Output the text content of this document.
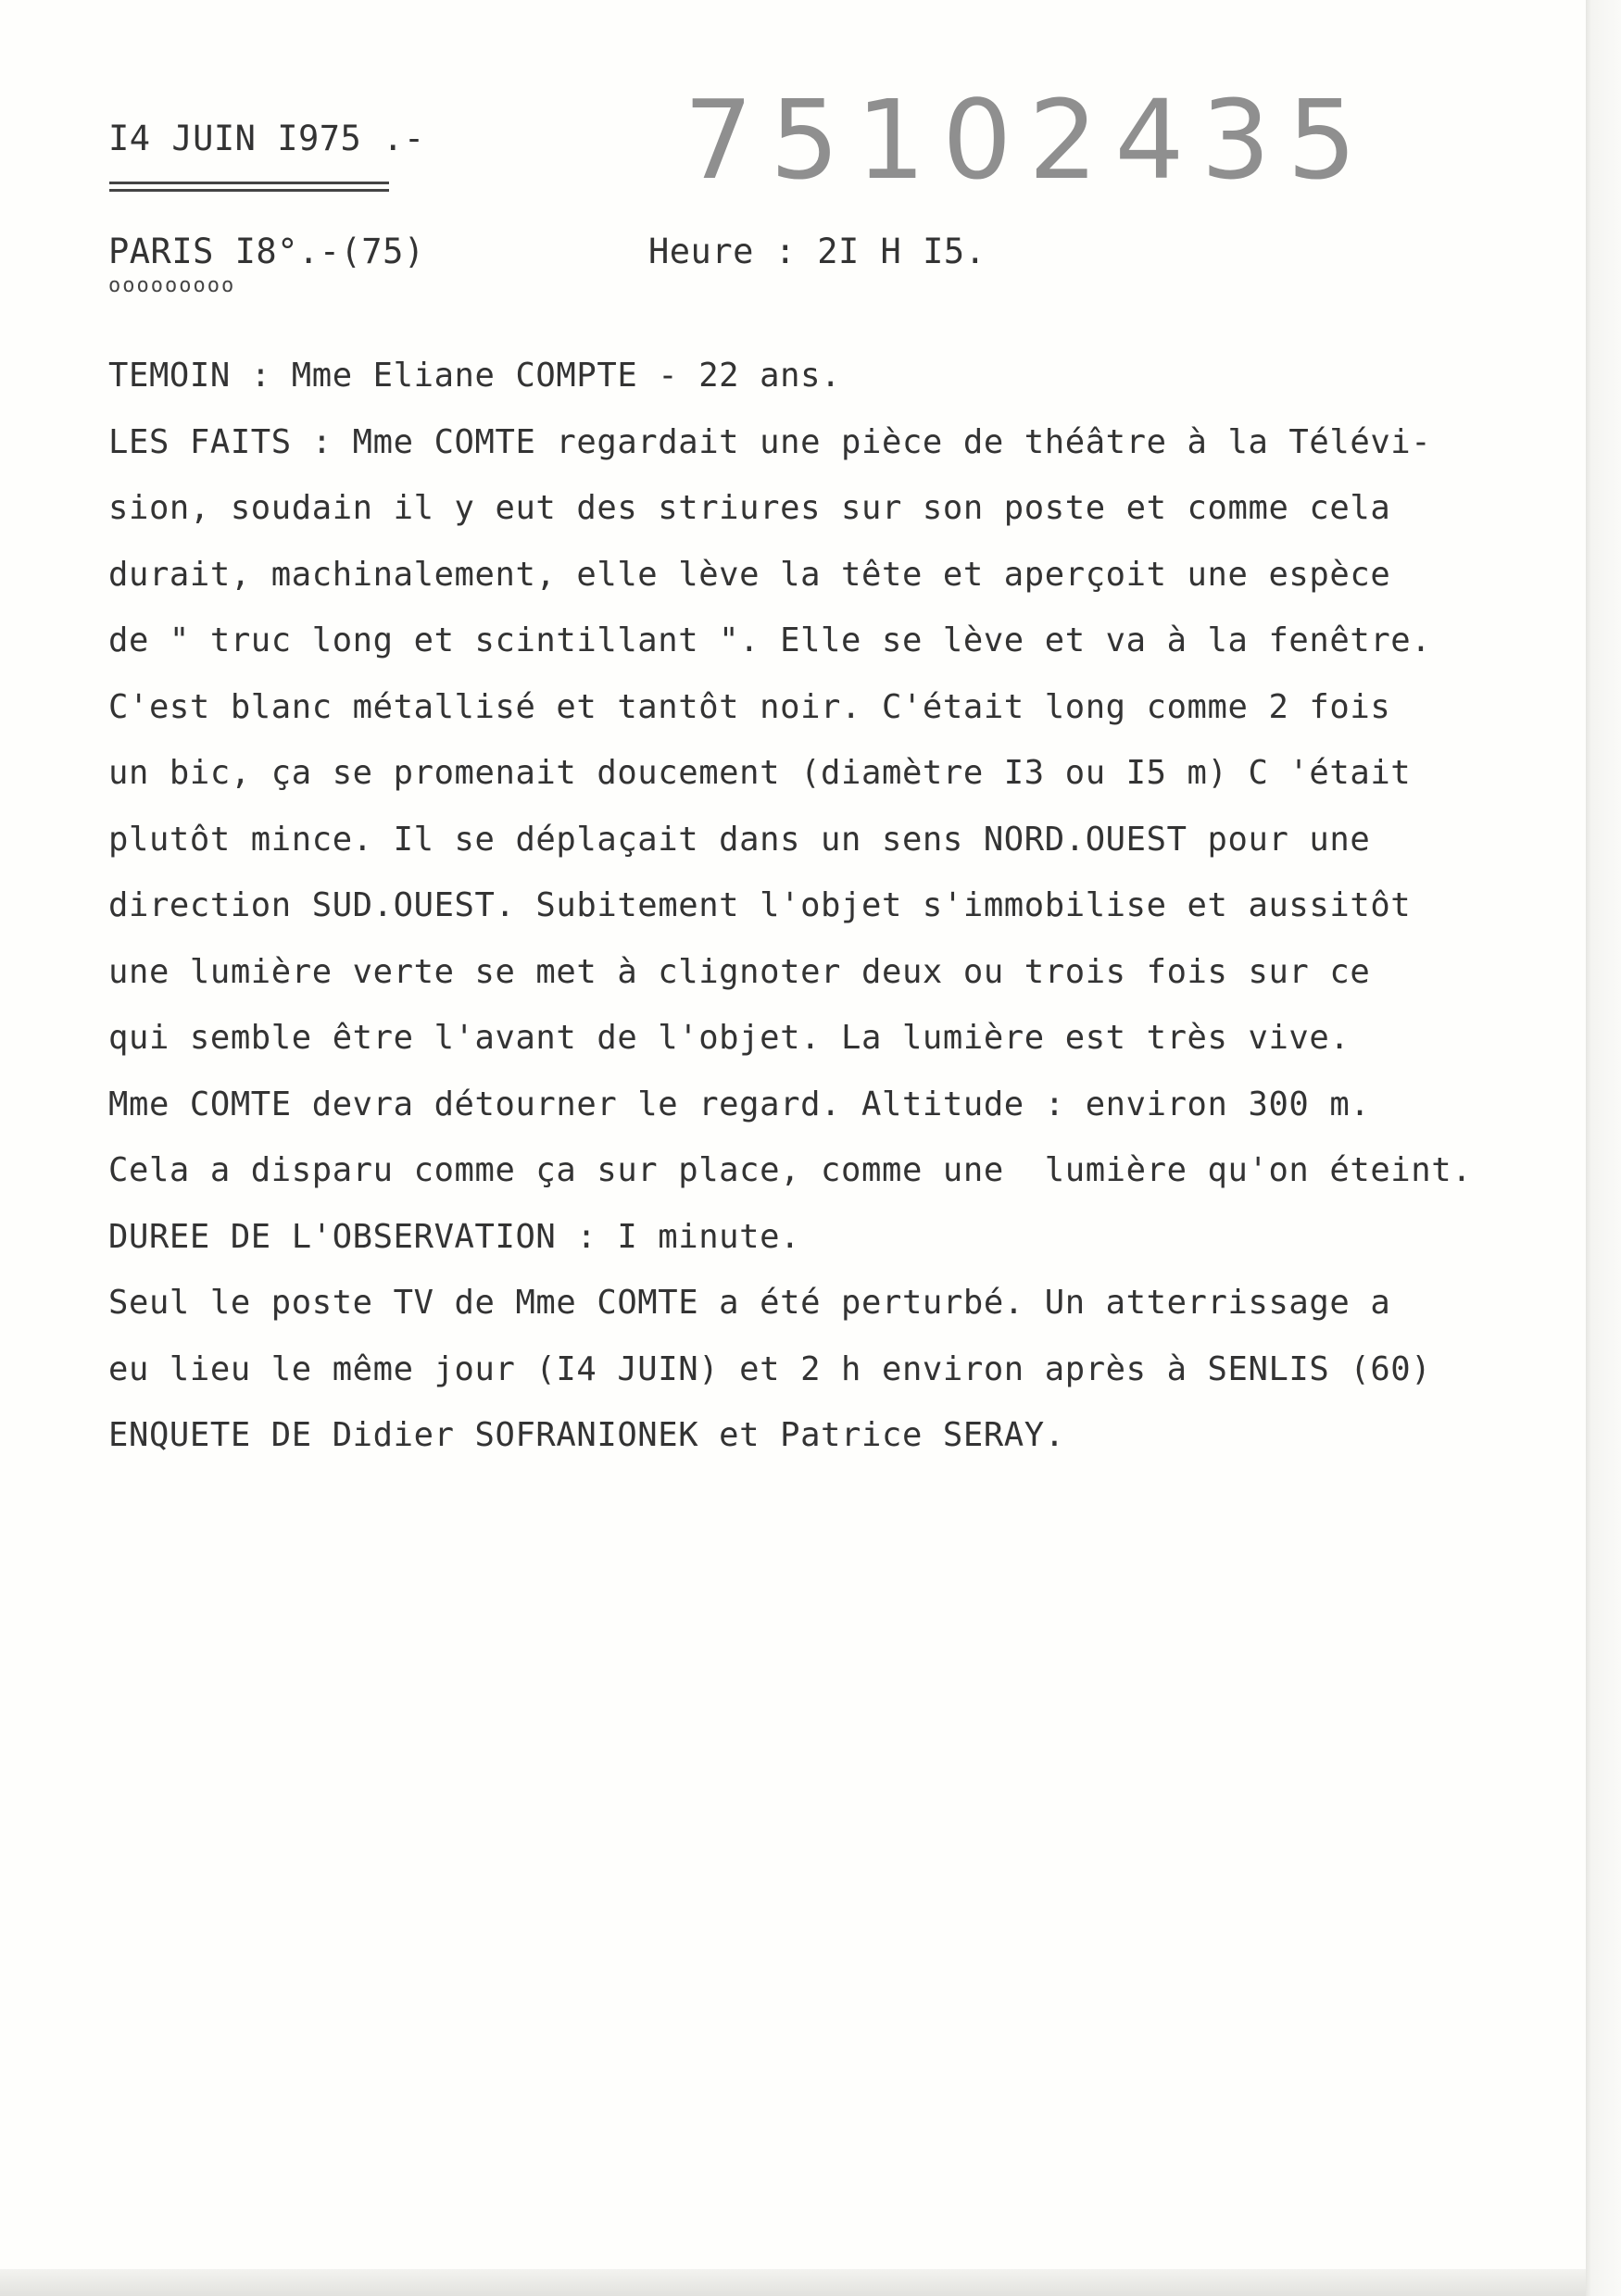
I4 JUIN I975 .- 75102435
PARIS I8°.-(75)
ooooooooo
Heure : 2I H I5.
TEMOIN : Mme Eliane COMPTE - 22 ans.
LES FAITS : Mme COMTE regardait une pièce de théâtre à la Télévi-
sion, soudain il y eut des striures sur son poste et comme cela
durait, machinalement, elle lève la tête et aperçoit une espèce
de " truc long et scintillant ". Elle se lève et va à la fenêtre.
C'est blanc métallisé et tantôt noir. C'était long comme 2 fois
un bic, ça se promenait doucement (diamètre I3 ou I5 m) C 'était
plutôt mince. Il se déplaçait dans un sens NORD.OUEST pour une
direction SUD.OUEST. Subitement l'objet s'immobilise et aussitôt
une lumière verte se met à clignoter deux ou trois fois sur ce
qui semble être l'avant de l'objet. La lumière est très vive.
Mme COMTE devra détourner le regard. Altitude : environ 300 m.
Cela a disparu comme ça sur place, comme une  lumière qu'on éteint.
DUREE DE L'OBSERVATION : I minute.
Seul le poste TV de Mme COMTE a été perturbé. Un atterrissage a
eu lieu le même jour (I4 JUIN) et 2 h environ après à SENLIS (60)
ENQUETE DE Didier SOFRANIONEK et Patrice SERAY.
